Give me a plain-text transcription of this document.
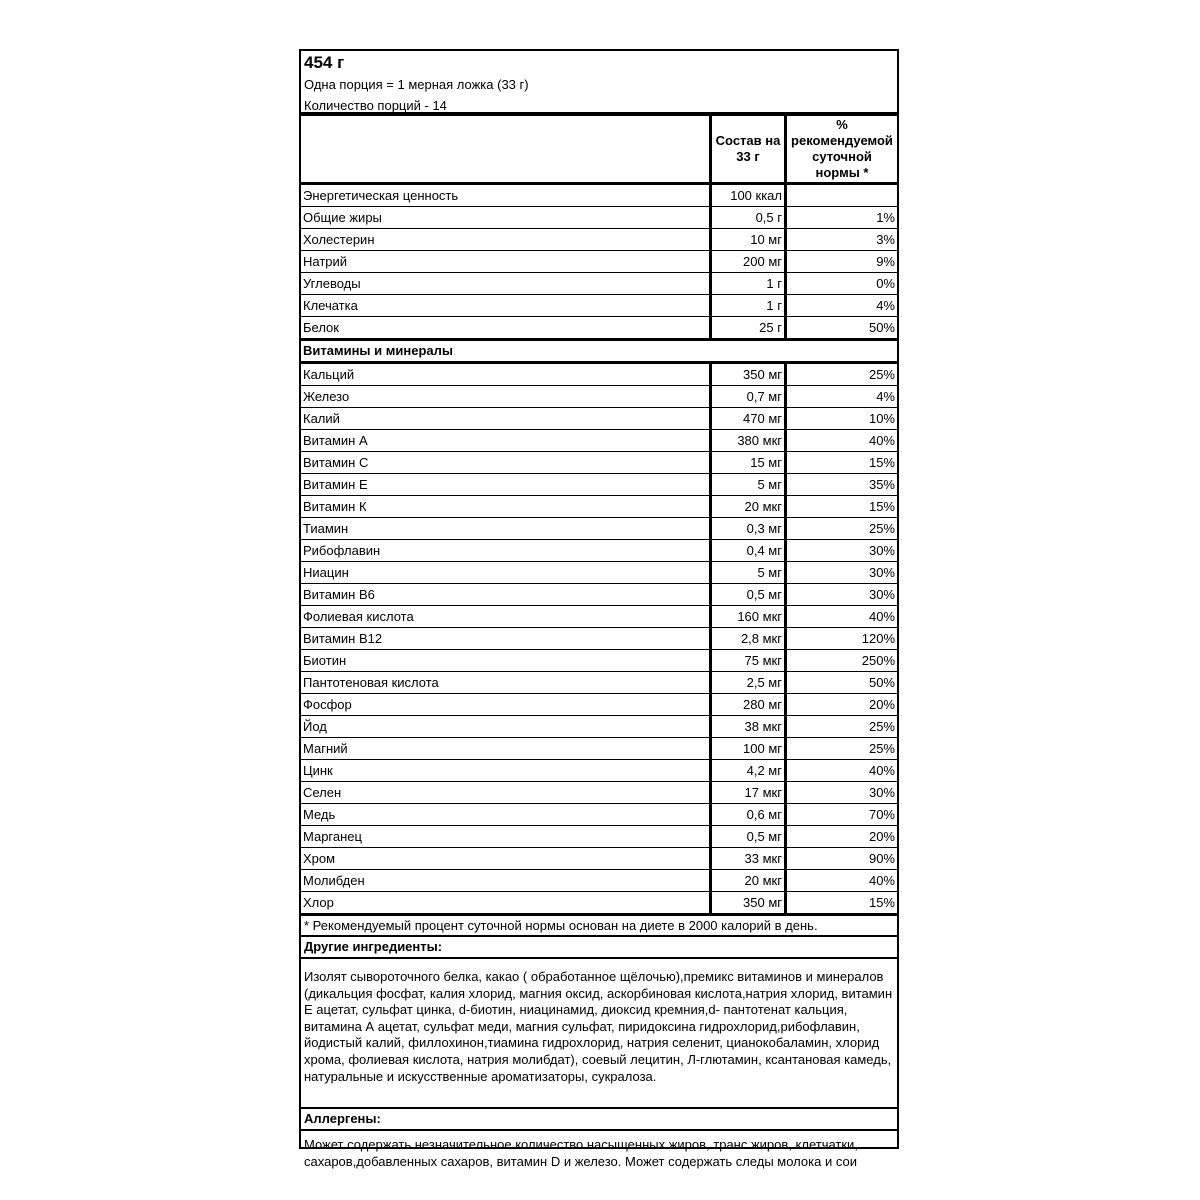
454 г
Одна порция = 1 мерная ложка (33 г)
Количество порций - 14
	Состав на 33 г	% рекомендуемой суточной нормы *
Энергетическая ценность	100 ккал	
Общие жиры	0,5 г	1%
Холестерин	10 мг	3%
Натрий	200 мг	9%
Углеводы	1 г	0%
Клечатка	1 г	4%
Белок	25 г	50%
Витамины и минералы		
Кальций	350 мг	25%
Железо	0,7 мг	4%
Калий	470 мг	10%
Витамин А	380 мкг	40%
Витамин С	15 мг	15%
Витамин Е	5 мг	35%
Витамин К	20 мкг	15%
Тиамин	0,3 мг	25%
Рибофлавин	0,4 мг	30%
Ниацин	5 мг	30%
Витамин В6	0,5 мг	30%
Фолиевая кислота	160 мкг	40%
Витамин В12	2,8 мкг	120%
Биотин	75 мкг	250%
Пантотеновая кислота	2,5 мг	50%
Фосфор	280 мг	20%
Йод	38 мкг	25%
Магний	100 мг	25%
Цинк	4,2 мг	40%
Селен	17 мкг	30%
Медь	0,6 мг	70%
Марганец	0,5 мг	20%
Хром	33 мкг	90%
Молибден	20 мкг	40%
Хлор	350 мг	15%
* Рекомендуемый процент суточной нормы основан на диете в 2000 калорий в день.
Другие ингредиенты:
Изолят сывороточного белка, какао ( обработанное щёлочью),премикс витаминов и минералов (дикальция фосфат, калия хлорид, магния оксид, аскорбиновая кислота,натрия хлорид, витамин Е ацетат, сульфат цинка, d-биотин, ниацинамид, диоксид кремния,d- пантотенат кальция, витамина А ацетат, сульфат меди, магния сульфат, пиридоксина гидрохлорид,рибофлавин, йодистый калий, филлохинон,тиамина гидрохлорид, натрия селенит, цианокобаламин, хлорид хрома, фолиевая кислота, натрия молибдат), соевый лецитин, Л-глютамин, ксантановая камедь, натуральные и искусственные ароматизаторы, сукралоза.
Аллергены:
Может содержать незначительное количество насыщенных жиров, транс жиров, клетчатки, сахаров,добавленных сахаров, витамин D и железо. Может содержать следы молока и сои
